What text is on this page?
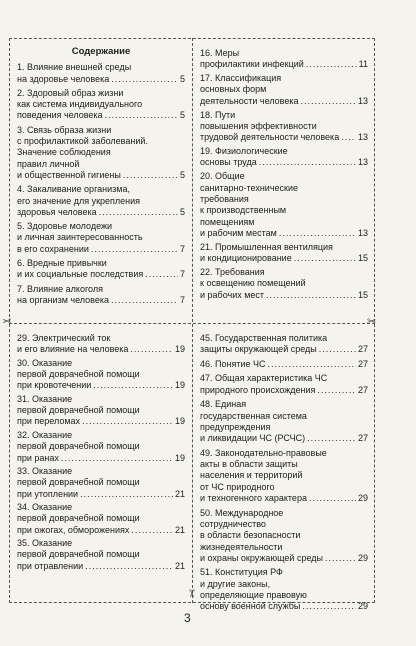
✂
✂
✂
Содержание
1. Влияние внешней среды
на здоровье человека .....	5
2. Здоровый образ жизни
как система индивидуального
поведения человека .....	5
3. Связь образа жизни
с профилактикой заболеваний.
Значение соблюдения
правил личной
и общественной гигиены .....	5
4. Закаливание организма,
его значение для укрепления
здоровья человека .....	5
5. Здоровье молодежи
и личная заинтересованность
в его сохранении .....	7
6. Вредные привычки
и их социальные последствия .....	7
7. Влияние алкоголя
на организм человека .....	7
16. Меры
профилактики инфекций .....	11
17. Классификация
основных форм
деятельности человека .....	13
18. Пути
повышения эффективности
трудовой деятельности человека ..... 13
19. Физиологические
основы труда .....	13
20. Общие
санитарно-технические
требования
к производственным
помещениям
и рабочим местам .....	13
21. Промышленная вентиляция
и кондиционирование .....	15
22. Требования
к освещению помещений
и рабочих мест .....	15
29. Электрический ток
и его влияние на человека .....	19
30. Оказание
первой доврачебной помощи
при кровотечении .....	19
31. Оказание
первой доврачебной помощи
при переломах .....	19
32. Оказание
первой доврачебной помощи
при ранах .....	19
33. Оказание
первой доврачебной помощи
при утоплении .....	21
34. Оказание
первой доврачебной помощи
при ожогах, обморожениях .....	21
35. Оказание
первой доврачебной помощи
при отравлении .....	21
45. Государственная политика
защиты окружающей среды .....	27
46. Понятие ЧС .....	27
47. Общая характеристика ЧС
природного происхождения .....	27
48. Единая
государственная система
предупреждения
и ликвидации ЧС (РСЧС) .....	27
49. Законодательно-правовые
акты в области защиты
населения и территорий
от ЧС природного
и техногенного характера .....	29
50. Международное
сотрудничество
в области безопасности
жизнедеятельности
и охраны окружающей среды .....	29
51. Конституция РФ
и другие законы,
определяющие правовую
основу военной службы .....	29
3
